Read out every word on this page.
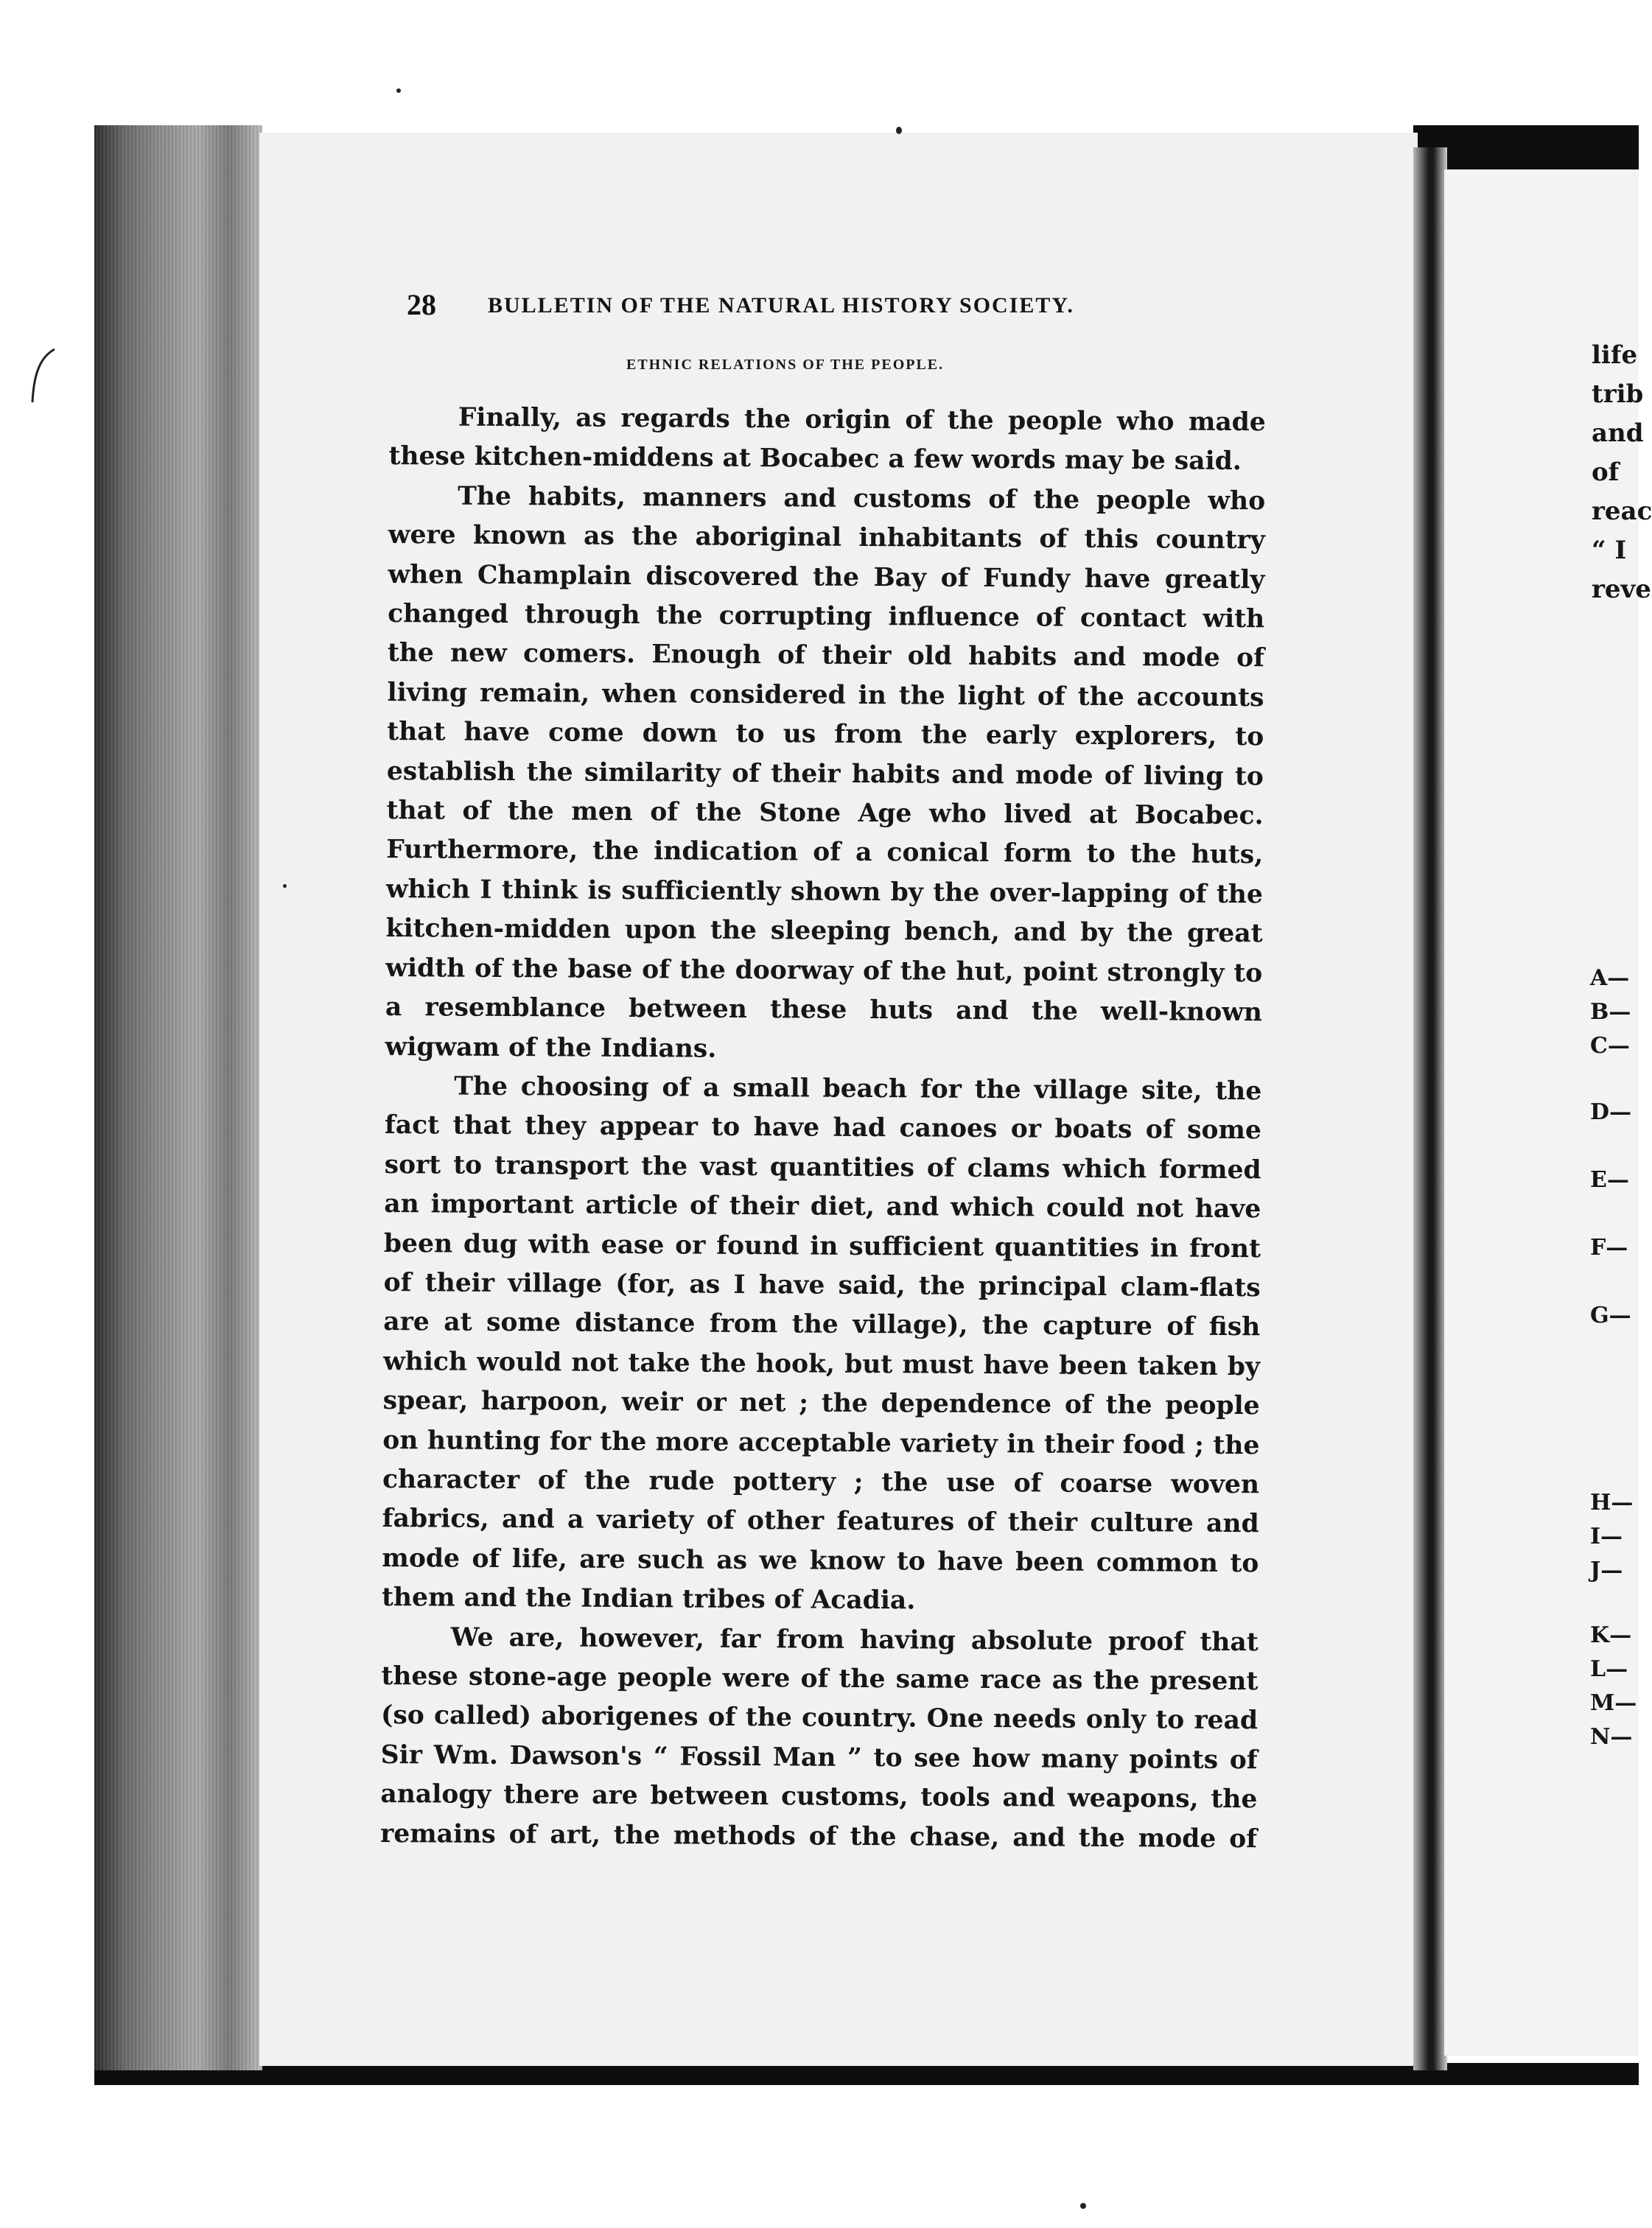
28 BULLETIN OF THE NATURAL HISTORY SOCIETY.
ETHNIC RELATIONS OF THE PEOPLE.

Finally, as regards the origin of the people who made these kitchen-middens at Bocabec a few words may be said.

The habits, manners and customs of the people who were known as the aboriginal inhabitants of this country when Champlain discovered the Bay of Fundy have greatly changed through the corrupting influence of contact with the new comers. Enough of their old habits and mode of living remain, when considered in the light of the accounts that have come down to us from the early explorers, to establish the similarity of their habits and mode of living to that of the men of the Stone Age who lived at Bocabec. Furthermore, the indication of a conical form to the huts, which I think is sufficiently shown by the over-lapping of the kitchen-midden upon the sleeping bench, and by the great width of the base of the doorway of the hut, point strongly to a resemblance between these huts and the well-known wigwam of the Indians.

The choosing of a small beach for the village site, the fact that they appear to have had canoes or boats of some sort to transport the vast quantities of clams which formed an important article of their diet, and which could not have been dug with ease or found in sufficient quantities in front of their village (for, as I have said, the principal clam-flats are at some distance from the village), the capture of fish which would not take the hook, but must have been taken by spear, harpoon, weir or net ; the dependence of the people on hunting for the more acceptable variety in their food ; the character of the rude pottery ; the use of coarse woven fabrics, and a variety of other features of their culture and mode of life, are such as we know to have been common to them and the Indian tribes of Acadia.

We are, however, far from having absolute proof that these stone-age people were of the same race as the present (so called) aborigenes of the country. One needs only to read Sir Wm. Dawson's “ Fossil Man ” to see how many points of analogy there are between customs, tools and weapons, the remains of art, the methods of the chase, and the mode of

life
trib
and
of
reac
“ I
reve
A—
B—
C—
D—
E—
F—
G—
H—
I—
J—
K—
L—
M—
N—
